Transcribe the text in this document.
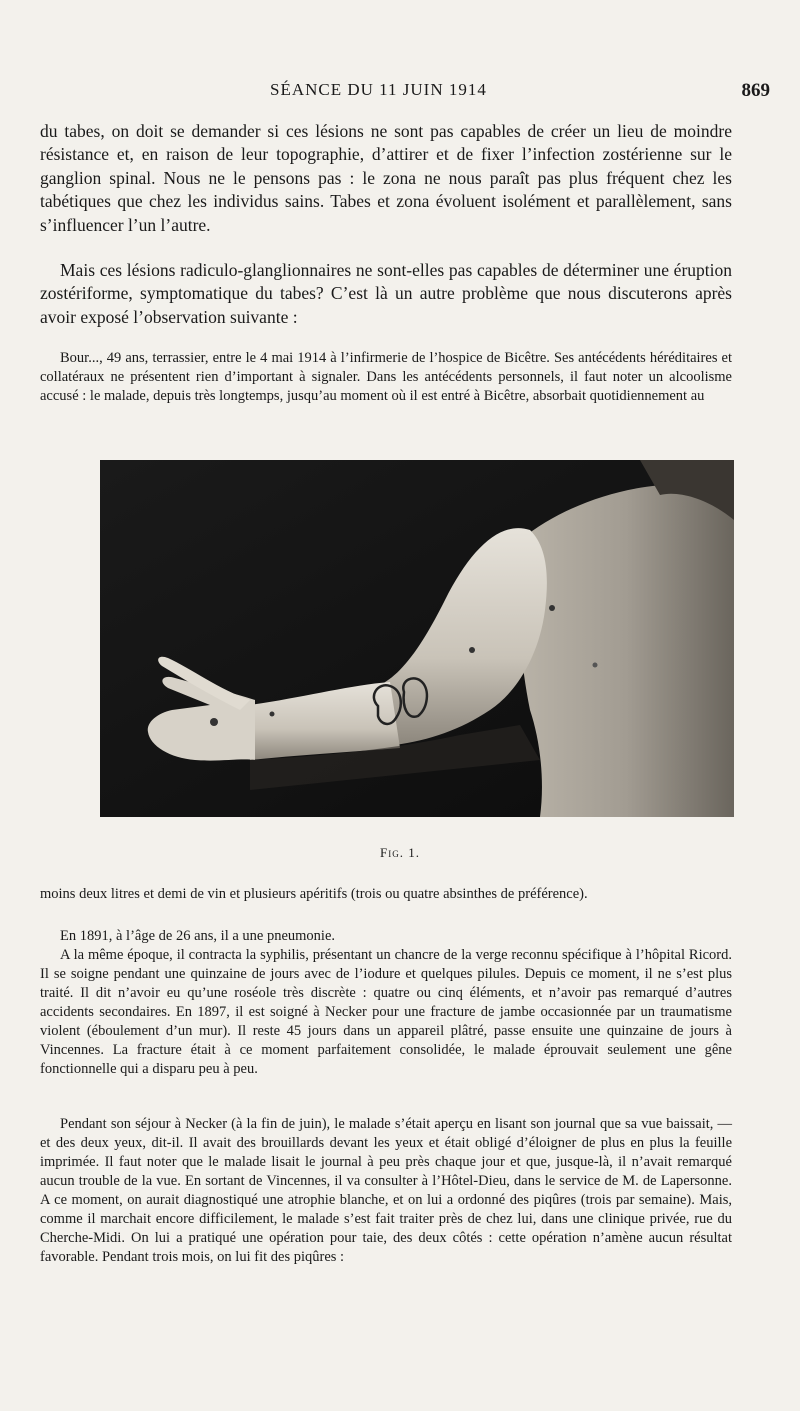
SÉANCE DU 11 JUIN 1914	869

du tabes, on doit se demander si ces lésions ne sont pas capables de créer un lieu de moindre résistance et, en raison de leur topographie, d’attirer et de fixer l’infection zostérienne sur le ganglion spinal. Nous ne le pensons pas : le zona ne nous paraît pas plus fréquent chez les tabétiques que chez les individus sains. Tabes et zona évoluent isolément et parallèlement, sans s’influencer l’un l’autre.

Mais ces lésions radiculo-glanglionnaires ne sont-elles pas capables de déterminer une éruption zostériforme, symptomatique du tabes? C’est là un autre problème que nous discuterons après avoir exposé l’observation suivante :

Bour..., 49 ans, terrassier, entre le 4 mai 1914 à l’infirmerie de l’hospice de Bicêtre. Ses antécédents héréditaires et collatéraux ne présentent rien d’important à signaler. Dans les antécédents personnels, il faut noter un alcoolisme accusé : le malade, depuis très longtemps, jusqu’au moment où il est entré à Bicêtre, absorbait quotidiennement au

Fig. 1.

moins deux litres et demi de vin et plusieurs apéritifs (trois ou quatre absinthes de préférence).

En 1891, à l’âge de 26 ans, il a une pneumonie.

A la même époque, il contracta la syphilis, présentant un chancre de la verge reconnu spécifique à l’hôpital Ricord. Il se soigne pendant une quinzaine de jours avec de l’iodure et quelques pilules. Depuis ce moment, il ne s’est plus traité. Il dit n’avoir eu qu’une roséole très discrète : quatre ou cinq éléments, et n’avoir pas remarqué d’autres accidents secondaires. En 1897, il est soigné à Necker pour une fracture de jambe occasionnée par un traumatisme violent (éboulement d’un mur). Il reste 45 jours dans un appareil plâtré, passe ensuite une quinzaine de jours à Vincennes. La fracture était à ce moment parfaitement consolidée, le malade éprouvait seulement une gêne fonctionnelle qui a disparu peu à peu.

Pendant son séjour à Necker (à la fin de juin), le malade s’était aperçu en lisant son journal que sa vue baissait, — et des deux yeux, dit-il. Il avait des brouillards devant les yeux et était obligé d’éloigner de plus en plus la feuille imprimée. Il faut noter que le malade lisait le journal à peu près chaque jour et que, jusque-là, il n’avait remarqué aucun trouble de la vue. En sortant de Vincennes, il va consulter à l’Hôtel-Dieu, dans le service de M. de Lapersonne. A ce moment, on aurait diagnostiqué une atrophie blanche, et on lui a ordonné des piqûres (trois par semaine). Mais, comme il marchait encore difficilement, le malade s’est fait traiter près de chez lui, dans une clinique privée, rue du Cherche-Midi. On lui a pratiqué une opération pour taie, des deux côtés : cette opération n’amène aucun résultat favorable. Pendant trois mois, on lui fit des piqûres :
